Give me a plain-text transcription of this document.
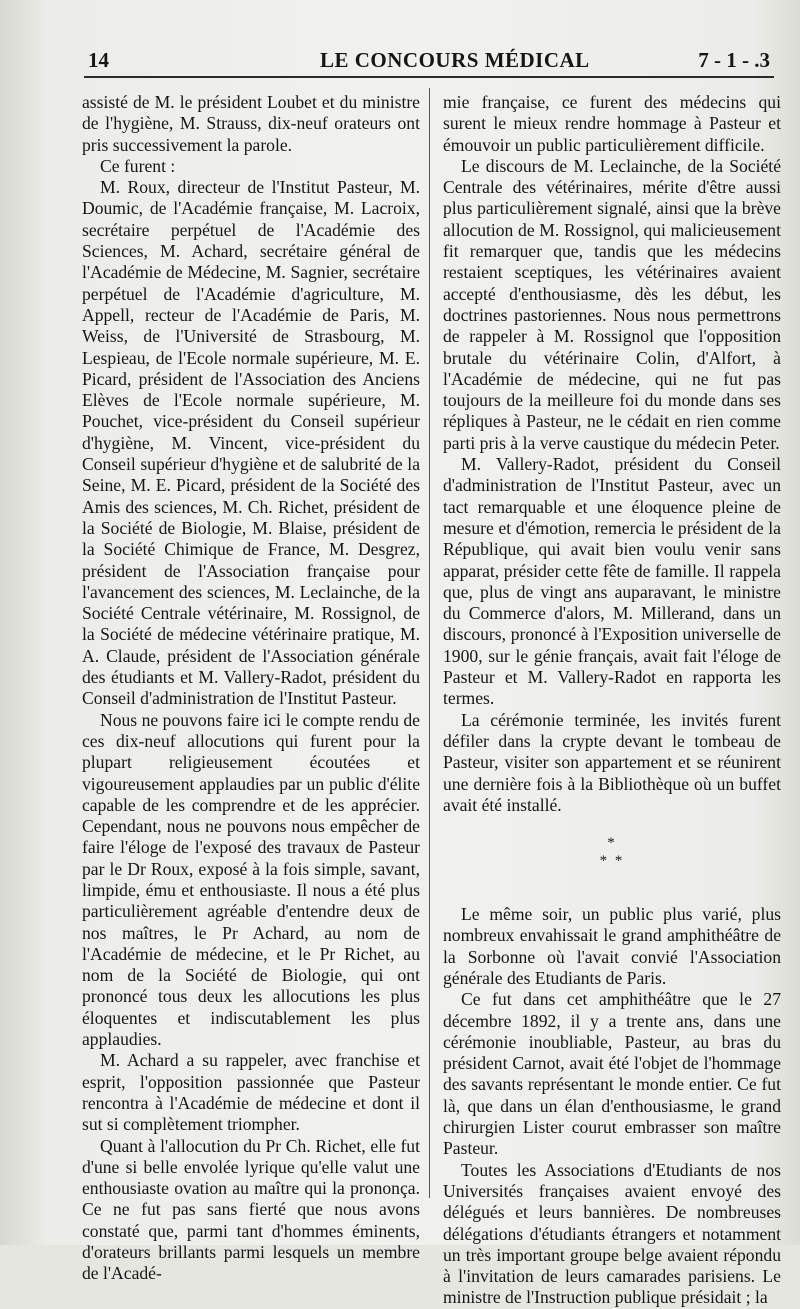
14	LE CONCOURS MÉDICAL	7 - 1 - .3

assisté de M. le président Loubet et du ministre de l'hygiène, M. Strauss, dix-neuf orateurs ont pris successivement la parole.

Ce furent :

M. Roux, directeur de l'Institut Pasteur, M. Doumic, de l'Académie française, M. Lacroix, secrétaire perpétuel de l'Académie des Sciences, M. Achard, secrétaire général de l'Académie de Médecine, M. Sagnier, secrétaire perpétuel de l'Académie d'agriculture, M. Appell, recteur de l'Académie de Paris, M. Weiss, de l'Université de Strasbourg, M. Lespieau, de l'Ecole normale supérieure, M. E. Picard, président de l'Association des Anciens Elèves de l'Ecole normale supérieure, M. Pouchet, vice-président du Conseil supérieur d'hygiène, M. Vincent, vice-président du Conseil supérieur d'hygiène et de salubrité de la Seine, M. E. Picard, président de la Société des Amis des sciences, M. Ch. Richet, président de la Société de Biologie, M. Blaise, président de la Société Chimique de France, M. Desgrez, président de l'Association française pour l'avancement des sciences, M. Leclainche, de la Société Centrale vétérinaire, M. Rossignol, de la Société de médecine vétérinaire pratique, M. A. Claude, président de l'Association générale des étudiants et M. Vallery-Radot, président du Conseil d'administration de l'Institut Pasteur.

Nous ne pouvons faire ici le compte rendu de ces dix-neuf allocutions qui furent pour la plupart religieusement écoutées et vigoureusement applaudies par un public d'élite capable de les comprendre et de les apprécier. Cependant, nous ne pouvons nous empêcher de faire l'éloge de l'exposé des travaux de Pasteur par le Dr Roux, exposé à la fois simple, savant, limpide, ému et enthousiaste. Il nous a été plus particulièrement agréable d'entendre deux de nos maîtres, le Pr Achard, au nom de l'Académie de médecine, et le Pr Richet, au nom de la Société de Biologie, qui ont prononcé tous deux les allocutions les plus éloquentes et indiscutablement les plus applaudies.

M. Achard a su rappeler, avec franchise et esprit, l'opposition passionnée que Pasteur rencontra à l'Académie de médecine et dont il sut si complètement triompher.

Quant à l'allocution du Pr Ch. Richet, elle fut d'une si belle envolée lyrique qu'elle valut une enthousiaste ovation au maître qui la prononça. Ce ne fut pas sans fierté que nous avons constaté que, parmi tant d'hommes éminents, d'orateurs brillants parmi lesquels un membre de l'Acadé-

mie française, ce furent des médecins qui surent le mieux rendre hommage à Pasteur et émouvoir un public particulièrement difficile.

Le discours de M. Leclainche, de la Société Centrale des vétérinaires, mérite d'être aussi plus particulièrement signalé, ainsi que la brève allocution de M. Rossignol, qui malicieusement fit remarquer que, tandis que les médecins restaient sceptiques, les vétérinaires avaient accepté d'enthousiasme, dès les début, les doctrines pastoriennes. Nous nous permettrons de rappeler à M. Rossignol que l'opposition brutale du vétérinaire Colin, d'Alfort, à l'Académie de médecine, qui ne fut pas toujours de la meilleure foi du monde dans ses répliques à Pasteur, ne le cédait en rien comme parti pris à la verve caustique du médecin Peter.

M. Vallery-Radot, président du Conseil d'administration de l'Institut Pasteur, avec un tact remarquable et une éloquence pleine de mesure et d'émotion, remercia le président de la République, qui avait bien voulu venir sans apparat, présider cette fête de famille. Il rappela que, plus de vingt ans auparavant, le ministre du Commerce d'alors, M. Millerand, dans un discours, prononcé à l'Exposition universelle de 1900, sur le génie français, avait fait l'éloge de Pasteur et M. Vallery-Radot en rapporta les termes.

La cérémonie terminée, les invités furent défiler dans la crypte devant le tombeau de Pasteur, visiter son appartement et se réunirent une dernière fois à la Bibliothèque où un buffet avait été installé.

*
* *

Le même soir, un public plus varié, plus nombreux envahissait le grand amphithéâtre de la Sorbonne où l'avait convié l'Association générale des Etudiants de Paris.

Ce fut dans cet amphithéâtre que le 27 décembre 1892, il y a trente ans, dans une cérémonie inoubliable, Pasteur, au bras du président Carnot, avait été l'objet de l'hommage des savants représentant le monde entier. Ce fut là, que dans un élan d'enthousiasme, le grand chirurgien Lister courut embrasser son maître Pasteur.

Toutes les Associations d'Etudiants de nos Universités françaises avaient envoyé des délégués et leurs bannières. De nombreuses délégations d'étudiants étrangers et notamment un très important groupe belge avaient répondu à l'invitation de leurs camarades parisiens. Le ministre de l'Instruction publique présidait ; la
